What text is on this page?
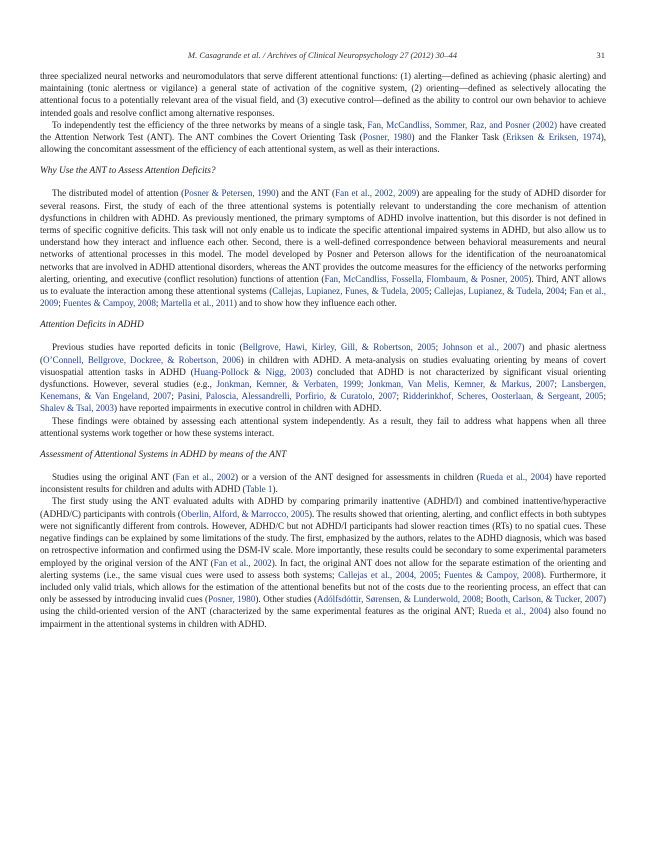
M. Casagrande et al. / Archives of Clinical Neuropsychology 27 (2012) 30–44	31

three specialized neural networks and neuromodulators that serve different attentional functions: (1) alerting—defined as achieving (phasic alerting) and maintaining (tonic alertness or vigilance) a general state of activation of the cognitive system, (2) orienting—defined as selectively allocating the attentional focus to a potentially relevant area of the visual field, and (3) executive control—defined as the ability to control our own behavior to achieve intended goals and resolve conflict among alternative responses.

To independently test the efficiency of the three networks by means of a single task, Fan, McCandliss, Sommer, Raz, and Posner (2002) have created the Attention Network Test (ANT). The ANT combines the Covert Orienting Task (Posner, 1980) and the Flanker Task (Eriksen & Eriksen, 1974), allowing the concomitant assessment of the efficiency of each attentional system, as well as their interactions.

Why Use the ANT to Assess Attention Deficits?

The distributed model of attention (Posner & Petersen, 1990) and the ANT (Fan et al., 2002, 2009) are appealing for the study of ADHD disorder for several reasons. First, the study of each of the three attentional systems is potentially relevant to understanding the core mechanism of attention dysfunctions in children with ADHD. As previously mentioned, the primary symptoms of ADHD involve inattention, but this disorder is not defined in terms of specific cognitive deficits. This task will not only enable us to indicate the specific attentional impaired systems in ADHD, but also allow us to understand how they interact and influence each other. Second, there is a well-defined correspondence between behavioral measurements and neural networks of attentional processes in this model. The model developed by Posner and Peterson allows for the identification of the neuroanatomical networks that are involved in ADHD attentional disorders, whereas the ANT provides the outcome measures for the efficiency of the networks performing alerting, orienting, and executive (conflict resolution) functions of attention (Fan, McCandliss, Fossella, Flombaum, & Posner, 2005). Third, ANT allows us to evaluate the interaction among these attentional systems (Callejas, Lupianez, Funes, & Tudela, 2005; Callejas, Lupianez, & Tudela, 2004; Fan et al., 2009; Fuentes & Campoy, 2008; Martella et al., 2011) and to show how they influence each other.

Attention Deficits in ADHD

Previous studies have reported deficits in tonic (Bellgrove, Hawi, Kirley, Gill, & Robertson, 2005; Johnson et al., 2007) and phasic alertness (O’Connell, Bellgrove, Dockree, & Robertson, 2006) in children with ADHD. A meta-analysis on studies evaluating orienting by means of covert visuospatial attention tasks in ADHD (Huang-Pollock & Nigg, 2003) concluded that ADHD is not characterized by significant visual orienting dysfunctions. However, several studies (e.g., Jonkman, Kemner, & Verbaten, 1999; Jonkman, Van Melis, Kemner, & Markus, 2007; Lansbergen, Kenemans, & Van Engeland, 2007; Pasini, Paloscia, Alessandrelli, Porfirio, & Curatolo, 2007; Ridderinkhof, Scheres, Oosterlaan, & Sergeant, 2005; Shalev & Tsal, 2003) have reported impairments in executive control in children with ADHD.

These findings were obtained by assessing each attentional system independently. As a result, they fail to address what happens when all three attentional systems work together or how these systems interact.

Assessment of Attentional Systems in ADHD by means of the ANT

Studies using the original ANT (Fan et al., 2002) or a version of the ANT designed for assessments in children (Rueda et al., 2004) have reported inconsistent results for children and adults with ADHD (Table 1).

The first study using the ANT evaluated adults with ADHD by comparing primarily inattentive (ADHD/I) and combined inattentive/hyperactive (ADHD/C) participants with controls (Oberlin, Alford, & Marrocco, 2005). The results showed that orienting, alerting, and conflict effects in both subtypes were not significantly different from controls. However, ADHD/C but not ADHD/I participants had slower reaction times (RTs) to no spatial cues. These negative findings can be explained by some limitations of the study. The first, emphasized by the authors, relates to the ADHD diagnosis, which was based on retrospective information and confirmed using the DSM-IV scale. More importantly, these results could be secondary to some experimental parameters employed by the original version of the ANT (Fan et al., 2002). In fact, the original ANT does not allow for the separate estimation of the orienting and alerting systems (i.e., the same visual cues were used to assess both systems; Callejas et al., 2004, 2005; Fuentes & Campoy, 2008). Furthermore, it included only valid trials, which allows for the estimation of the attentional benefits but not of the costs due to the reorienting process, an effect that can only be assessed by introducing invalid cues (Posner, 1980). Other studies (Adólfsdóttir, Sørensen, & Lunderwold, 2008; Booth, Carlson, & Tucker, 2007) using the child-oriented version of the ANT (characterized by the same experimental features as the original ANT; Rueda et al., 2004) also found no impairment in the attentional systems in children with ADHD.
